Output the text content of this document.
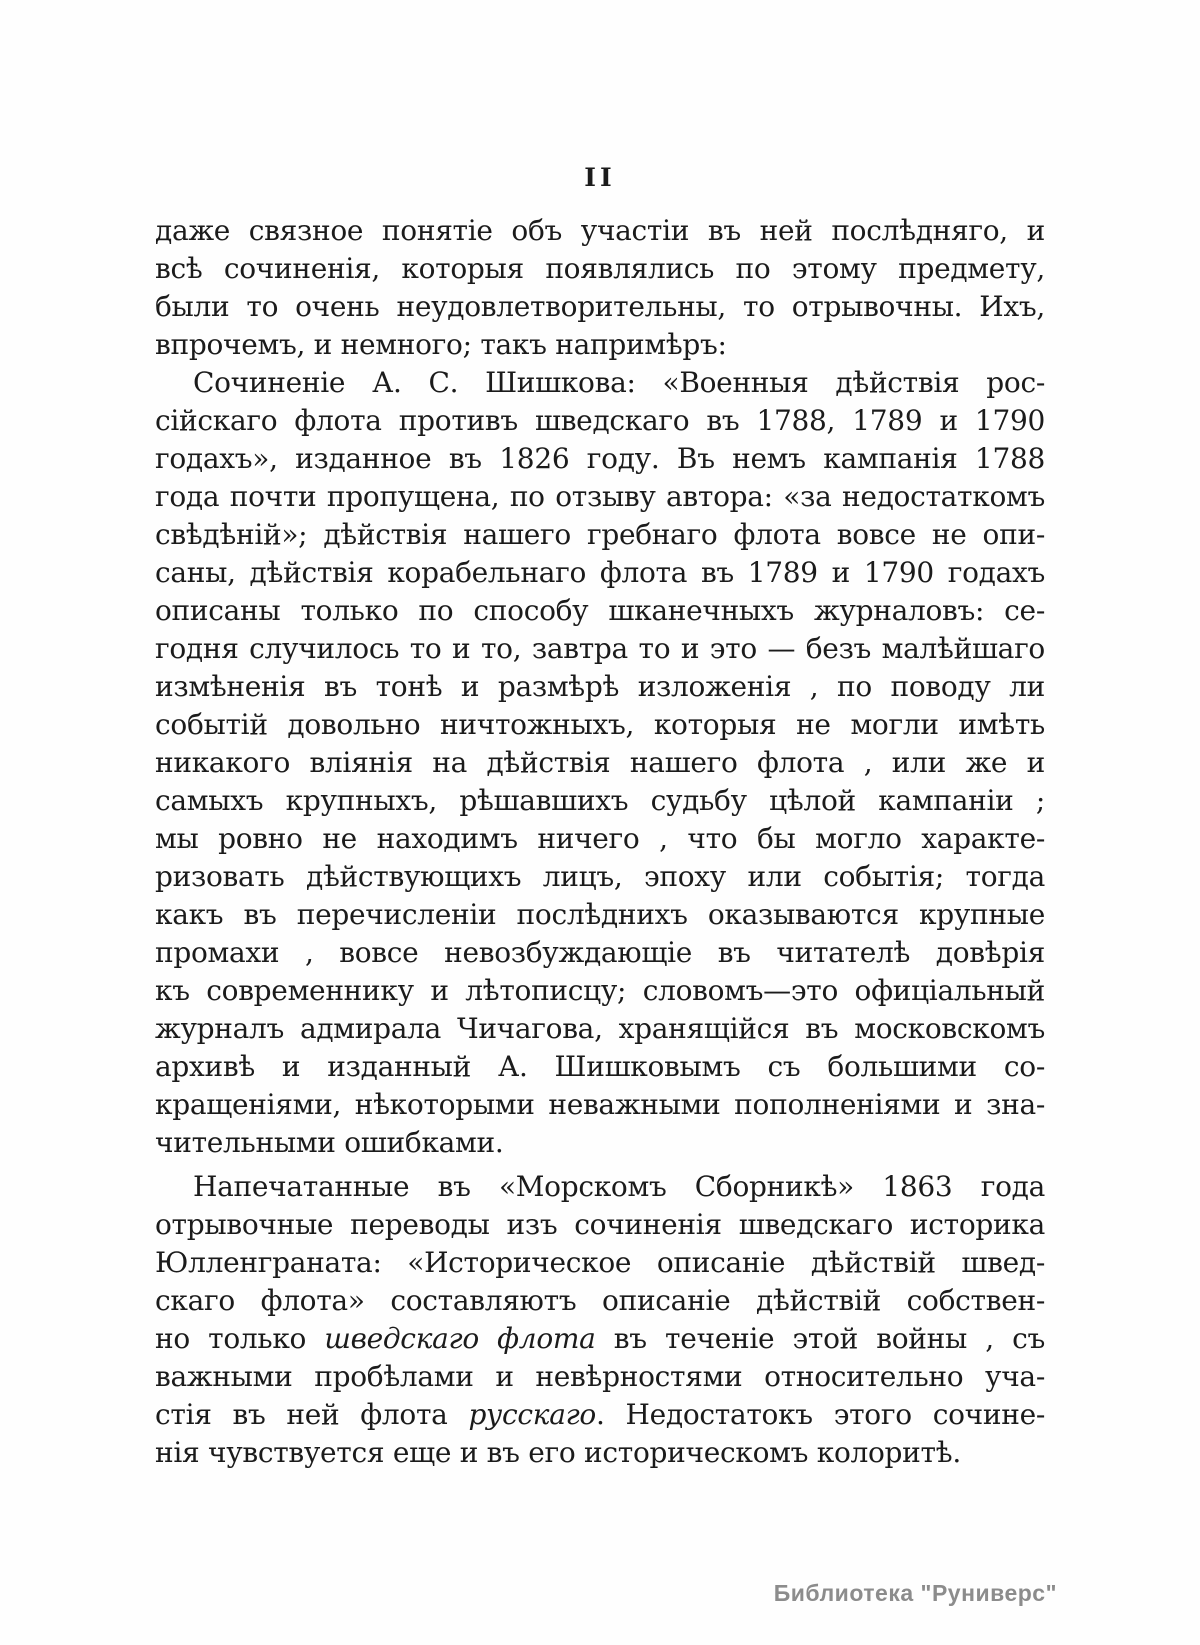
II
даже связное понятіе объ участіи въ ней послѣдняго, и
всѣ сочиненія, которыя появлялись по этому предмету,
были то очень неудовлетворительны, то отрывочны. Ихъ,
впрочемъ, и немного; такъ напримѣръ:
Сочиненіе А. С. Шишкова: «Военныя дѣйствія рос-
сійскаго флота противъ шведскаго въ 1788, 1789 и 1790
годахъ», изданное въ 1826 году. Въ немъ кампанія 1788
года почти пропущена, по отзыву автора: «за недостаткомъ
свѣдѣній»; дѣйствія нашего гребнаго флота вовсе не опи-
саны, дѣйствія корабельнаго флота въ 1789 и 1790 годахъ
описаны только по способу шканечныхъ журналовъ: се-
годня случилось то и то, завтра то и это — безъ малѣйшаго
измѣненія въ тонѣ и размѣрѣ изложенія , по поводу ли
событій довольно ничтожныхъ, которыя не могли имѣть
никакого вліянія на дѣйствія нашего флота , или же и
самыхъ крупныхъ, рѣшавшихъ судьбу цѣлой кампаніи ;
мы ровно не находимъ ничего , что бы могло характе-
ризовать дѣйствующихъ лицъ, эпоху или событія; тогда
какъ въ перечисленіи послѣднихъ оказываются крупные
промахи , вовсе невозбуждающіе въ читателѣ довѣрія
къ современнику и лѣтописцу; словомъ—это офиціальный
журналъ адмирала Чичагова, хранящійся въ московскомъ
архивѣ и изданный А. Шишковымъ съ большими со-
кращеніями, нѣкоторыми неважными пополненіями и зна-
чительными ошибками.
Напечатанные въ «Морскомъ Сборникѣ» 1863 года
отрывочные переводы изъ сочиненія шведскаго историка
Юлленграната: «Историческое описаніе дѣйствій швед-
скаго флота» составляютъ описаніе дѣйствій собствен-
но только шведскаго флота въ теченіе этой войны , съ
важными пробѣлами и невѣрностями относительно уча-
стія въ ней флота русскаго. Недостатокъ этого сочине-
нія чувствуется еще и въ его историческомъ колоритѣ.
Библиотека "Руниверс"
